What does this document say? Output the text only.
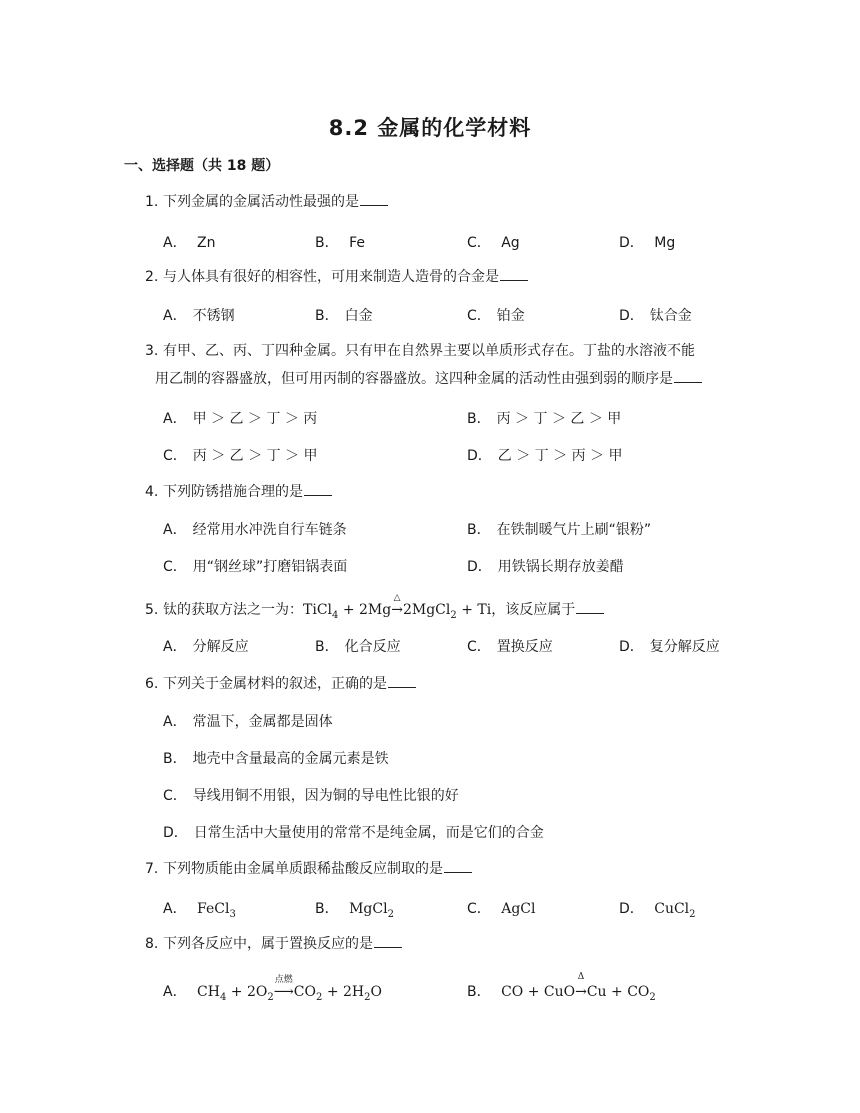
8.2 金属的化学材料
一、选择题（共 18 题）
1. 下列金属的金属活动性最强的是
A． Zn	B． Fe	C． Ag	D． Mg
2. 与人体具有很好的相容性，可用来制造人造骨的合金是
A． 不锈钢	B． 白金	C． 铂金	D． 钛合金
3. 有甲、乙、丙、丁四种金属。只有甲在自然界主要以单质形式存在。丁盐的水溶液不能
用乙制的容器盛放，但可用丙制的容器盛放。这四种金属的活动性由强到弱的顺序是
A． 甲 ＞ 乙 ＞ 丁 ＞ 丙	B． 丙 ＞ 丁 ＞ 乙 ＞ 甲
C． 丙 ＞ 乙 ＞ 丁 ＞ 甲	D． 乙 ＞ 丁 ＞ 丙 ＞ 甲
4. 下列防锈措施合理的是
A． 经常用水冲洗自行车链条	B． 在铁制暖气片上刷“银粉”
C． 用“钢丝球”打磨铝锅表面	D． 用铁锅长期存放姜醋
5. 钛的获取方法之一为：TiCl$_4$ + 2Mg
△
→2MgCl$_2$ + Ti，该反应属于
A． 分解反应	B． 化合反应	C． 置换反应	D． 复分解反应
6. 下列关于金属材料的叙述，正确的是
A． 常温下，金属都是固体
B． 地壳中含量最高的金属元素是铁
C． 导线用铜不用银，因为铜的导电性比银的好
D． 日常生活中大量使用的常常不是纯金属，而是它们的合金
7. 下列物质能由金属单质跟稀盐酸反应制取的是
A． FeCl$_3$	B． MgCl$_2$	C． AgCl	D． CuCl$_2$
8. 下列各反应中，属于置换反应的是
A． $CH_4 + 2O_2$
点燃
$⟶CO_2 + 2H_2O$	B． CO + CuO
Δ
$\to Cu + CO_2$
